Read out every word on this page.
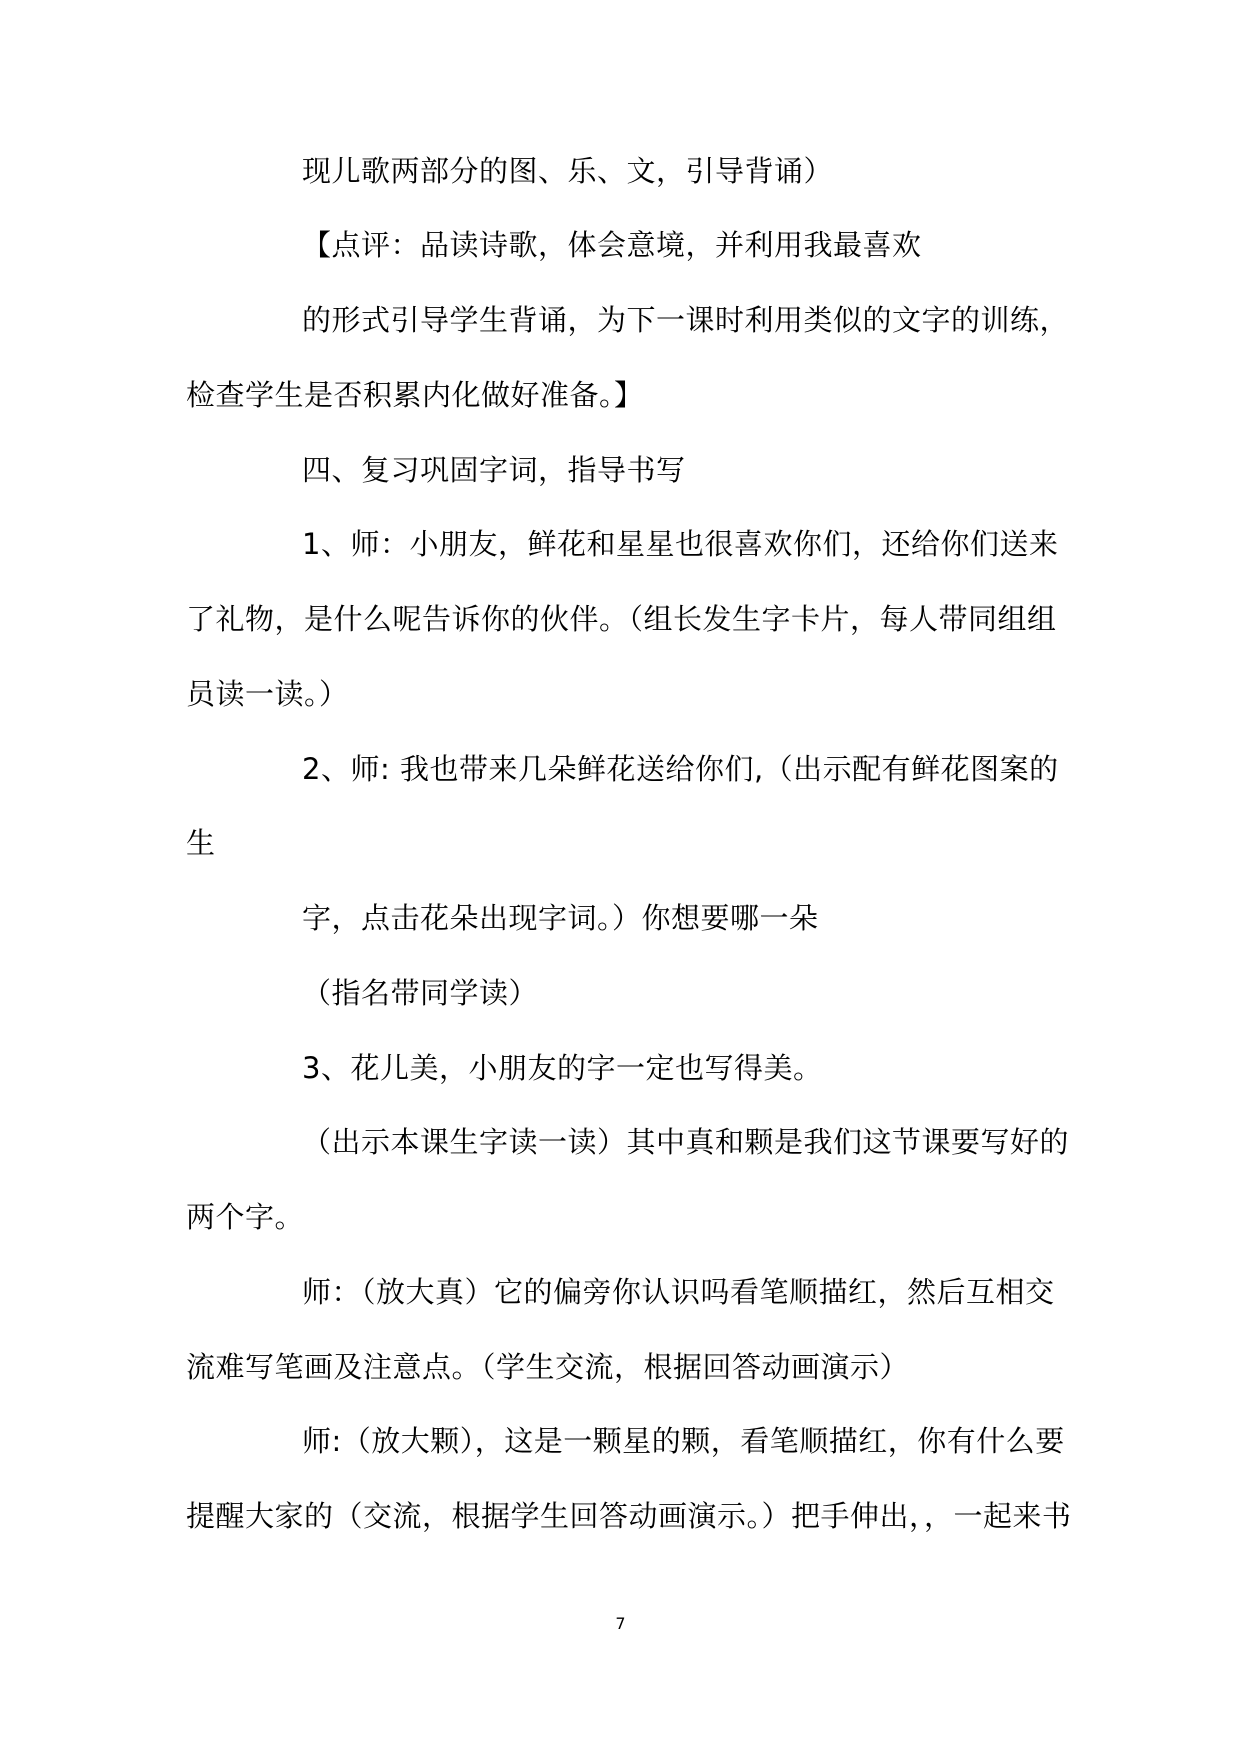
现儿歌两部分的图、乐、文，引导背诵）
【点评：品读诗歌，体会意境，并利用我最喜欢
的形式引导学生背诵，为下一课时利用类似的文字的训练，
检查学生是否积累内化做好准备。】
四、复习巩固字词，指导书写
1、师：小朋友，鲜花和星星也很喜欢你们，还给你们送来
了礼物，是什么呢告诉你的伙伴。（组长发生字卡片，每人带同组组
员读一读。）
2、师: 我也带来几朵鲜花送给你们,（出示配有鲜花图案的
生
字，点击花朵出现字词。）你想要哪一朵
（指名带同学读）
3、花儿美，小朋友的字一定也写得美。
（出示本课生字读一读）其中真和颗是我们这节课要写好的
两个字。
师：（放大真）它的偏旁你认识吗看笔顺描红，然后互相交
流难写笔画及注意点。（学生交流，根据回答动画演示）
师:（放大颗），这是一颗星的颗，看笔顺描红，你有什么要
提醒大家的（交流，根据学生回答动画演示。）把手伸出，，一起来书
7
